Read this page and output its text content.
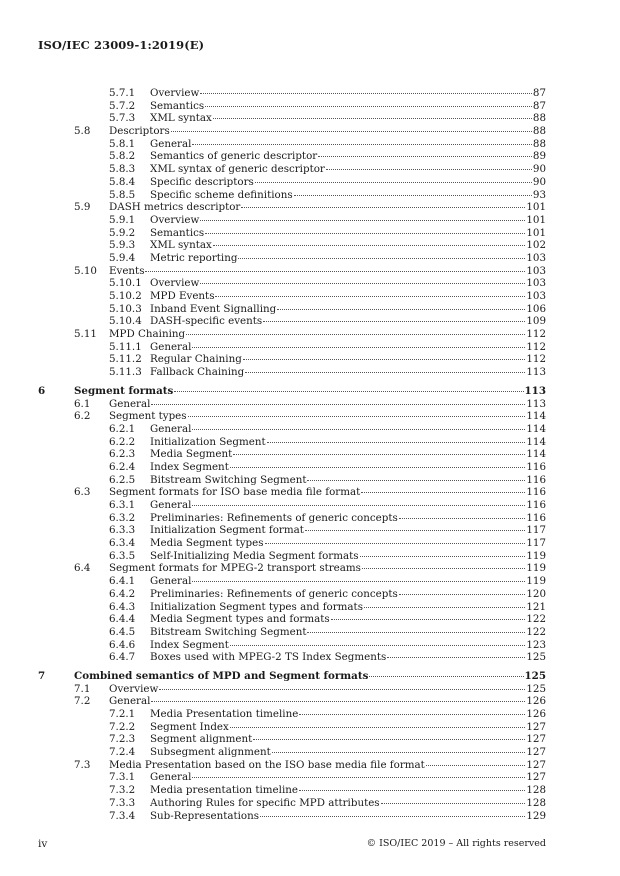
ISO/IEC 23009-1:2019(E)
5.7.1 Overview	87
5.7.2 Semantics	87
5.7.3 XML syntax	88
5.8 Descriptors	88
5.8.1 General	88
5.8.2 Semantics of generic descriptor	89
5.8.3 XML syntax of generic descriptor	90
5.8.4 Specific descriptors	90
5.8.5 Specific scheme definitions	93
5.9 DASH metrics descriptor	101
5.9.1 Overview	101
5.9.2 Semantics	101
5.9.3 XML syntax	102
5.9.4 Metric reporting	103
5.10 Events	103
5.10.1 Overview	103
5.10.2 MPD Events	103
5.10.3 Inband Event Signalling	106
5.10.4 DASH-specific events	109
5.11 MPD Chaining	112
5.11.1 General	112
5.11.2 Regular Chaining	112
5.11.3 Fallback Chaining	113
6	Segment formats	113
6.1 General	113
6.2 Segment types	114
6.2.1 General	114
6.2.2 Initialization Segment	114
6.2.3 Media Segment	114
6.2.4 Index Segment	116
6.2.5 Bitstream Switching Segment	116
6.3 Segment formats for ISO base media file format	116
6.3.1 General	116
6.3.2 Preliminaries: Refinements of generic concepts	116
6.3.3 Initialization Segment format	117
6.3.4 Media Segment types	117
6.3.5 Self-Initializing Media Segment formats	119
6.4 Segment formats for MPEG-2 transport streams	119
6.4.1 General	119
6.4.2 Preliminaries: Refinements of generic concepts	120
6.4.3 Initialization Segment types and formats	121
6.4.4 Media Segment types and formats	122
6.4.5 Bitstream Switching Segment	122
6.4.6 Index Segment	123
6.4.7 Boxes used with MPEG-2 TS Index Segments	125
7	Combined semantics of MPD and Segment formats	125
7.1 Overview	125
7.2 General	126
7.2.1 Media Presentation timeline	126
7.2.2 Segment Index	127
7.2.3 Segment alignment	127
7.2.4 Subsegment alignment	127
7.3 Media Presentation based on the ISO base media file format	127
7.3.1 General	127
7.3.2 Media presentation timeline	128
7.3.3 Authoring Rules for specific MPD attributes	128
7.3.4 Sub-Representations	129
iv	© ISO/IEC 2019 – All rights reserved
